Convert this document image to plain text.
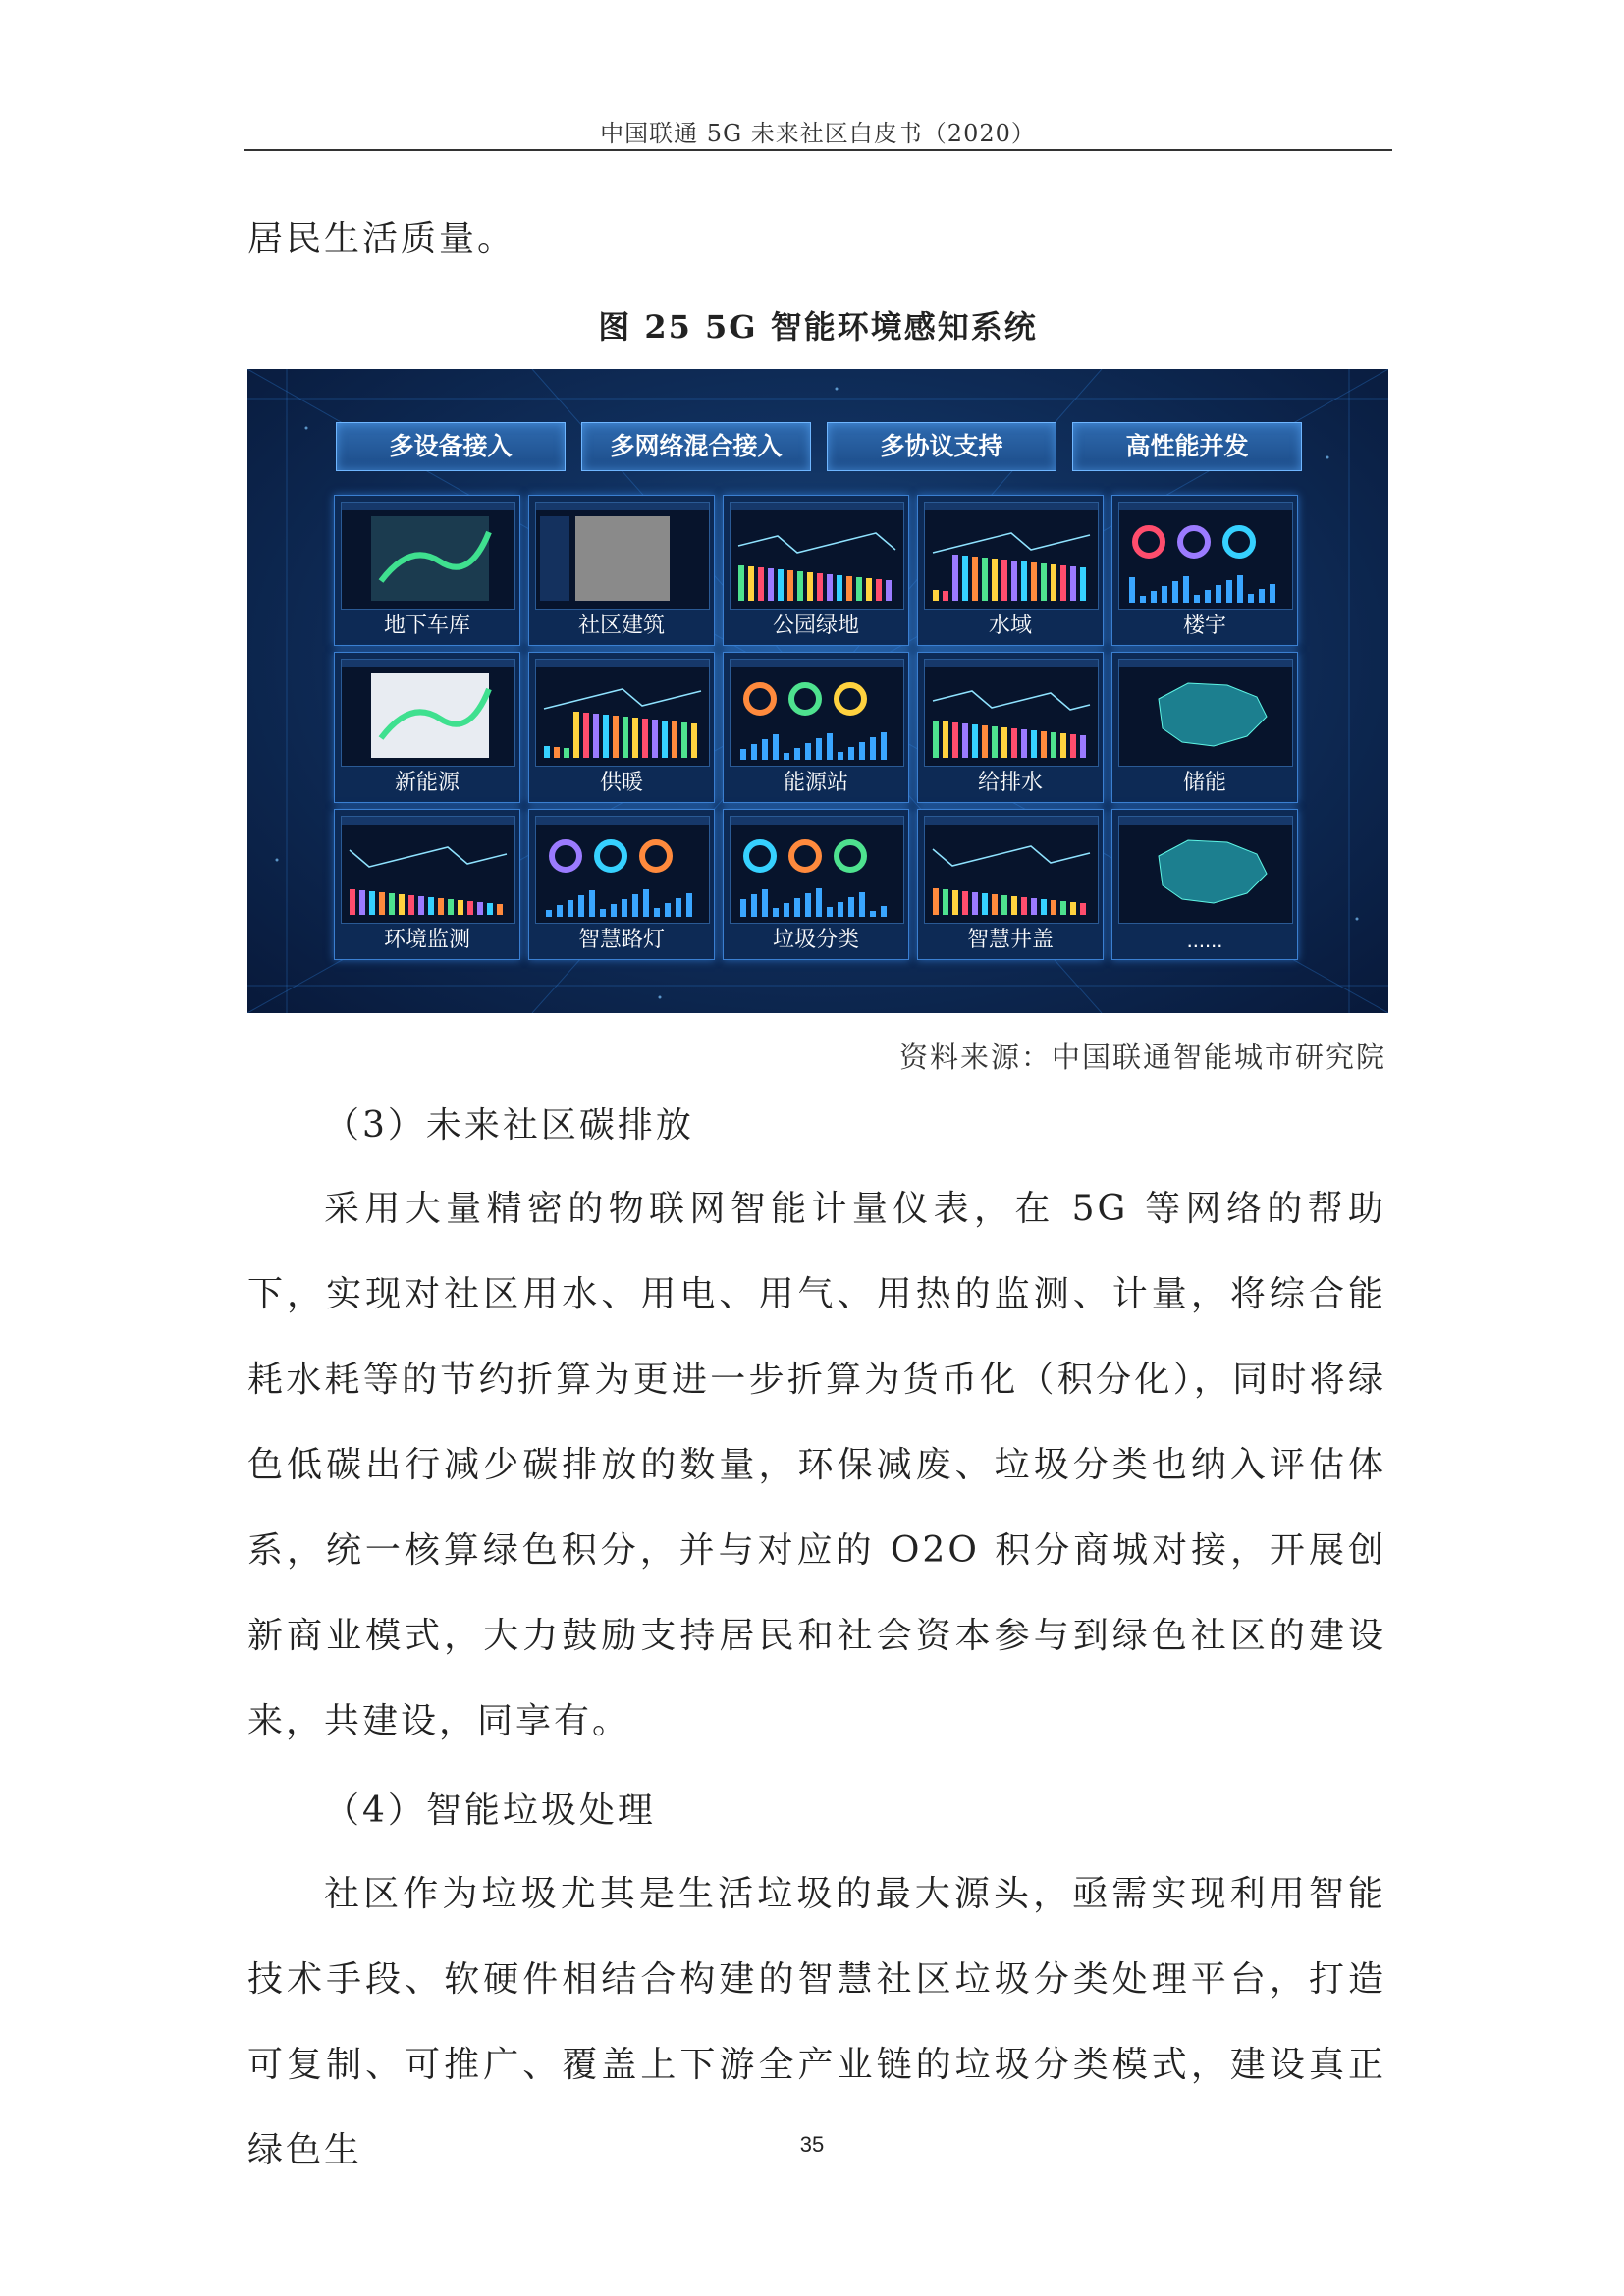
中国联通 5G 未来社区白皮书（2020）

居民生活质量。

图 25 5G 智能环境感知系统
多设备接入	多网络混合接入	多协议支持	高性能并发
地下车库	社区建筑	公园绿地	水域	楼宇
新能源	供暖	能源站	给排水	储能
环境监测	智慧路灯	垃圾分类	智慧井盖	......
资料来源：中国联通智能城市研究院
（3）未来社区碳排放

采用大量精密的物联网智能计量仪表，在 5G 等网络的帮助下，实现对社区用水、用电、用气、用热的监测、计量，将综合能耗水耗等的节约折算为更进一步折算为货币化（积分化），同时将绿色低碳出行减少碳排放的数量，环保减废、垃圾分类也纳入评估体系，统一核算绿色积分，并与对应的 O2O 积分商城对接，开展创新商业模式，大力鼓励支持居民和社会资本参与到绿色社区的建设来，共建设，同享有。

（4）智能垃圾处理

社区作为垃圾尤其是生活垃圾的最大源头，亟需实现利用智能技术手段、软硬件相结合构建的智慧社区垃圾分类处理平台，打造可复制、可推广、覆盖上下游全产业链的垃圾分类模式，建设真正绿色生	35
